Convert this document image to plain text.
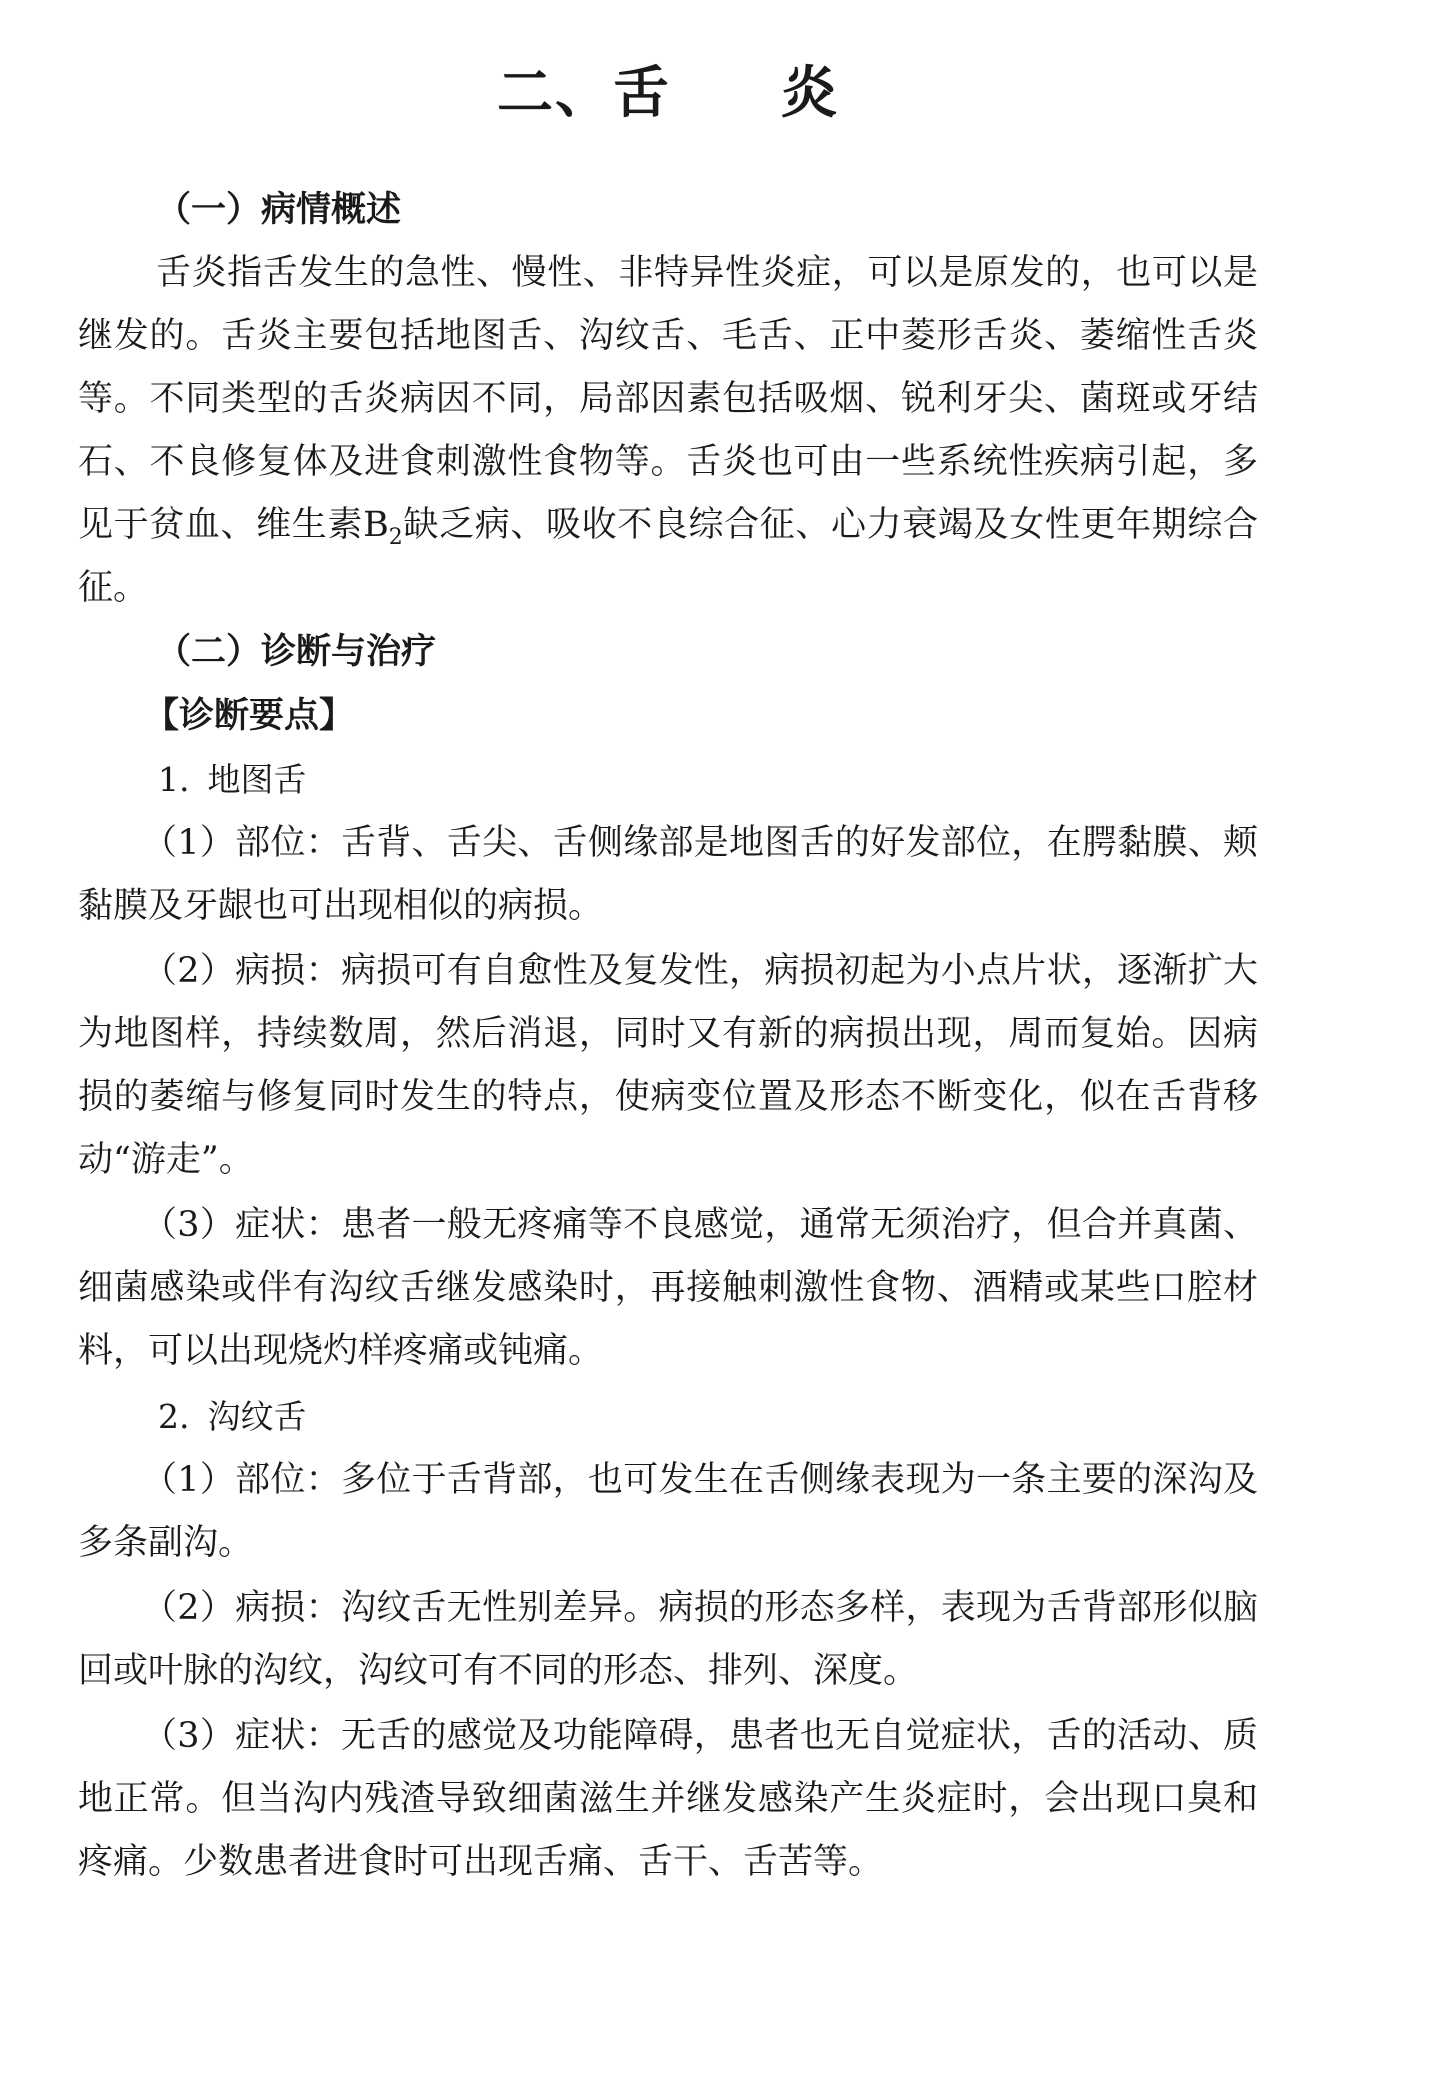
二、舌 炎
（一）病情概述

舌炎指舌发生的急性、慢性、非特异性炎症，可以是原发的，也可以是继发的。舌炎主要包括地图舌、沟纹舌、毛舌、正中菱形舌炎、萎缩性舌炎等。不同类型的舌炎病因不同，局部因素包括吸烟、锐利牙尖、菌斑或牙结石、不良修复体及进食刺激性食物等。舌炎也可由一些系统性疾病引起，多见于贫血、维生素$B_2$缺乏病、吸收不良综合征、心力衰竭及女性更年期综合征。

（二）诊断与治疗
【诊断要点】
1. 地图舌

（1）部位：舌背、舌尖、舌侧缘部是地图舌的好发部位，在腭黏膜、颊黏膜及牙龈也可出现相似的病损。

（2）病损：病损可有自愈性及复发性，病损初起为小点片状，逐渐扩大为地图样，持续数周，然后消退，同时又有新的病损出现，周而复始。因病损的萎缩与修复同时发生的特点，使病变位置及形态不断变化，似在舌背移动“游走”。

（3）症状：患者一般无疼痛等不良感觉，通常无须治疗，但合并真菌、细菌感染或伴有沟纹舌继发感染时，再接触刺激性食物、酒精或某些口腔材料，可以出现烧灼样疼痛或钝痛。

2. 沟纹舌

（1）部位：多位于舌背部，也可发生在舌侧缘表现为一条主要的深沟及多条副沟。

（2）病损：沟纹舌无性别差异。病损的形态多样，表现为舌背部形似脑回或叶脉的沟纹，沟纹可有不同的形态、排列、深度。

（3）症状：无舌的感觉及功能障碍，患者也无自觉症状，舌的活动、质地正常。但当沟内残渣导致细菌滋生并继发感染产生炎症时，会出现口臭和疼痛。少数患者进食时可出现舌痛、舌干、舌苦等。
